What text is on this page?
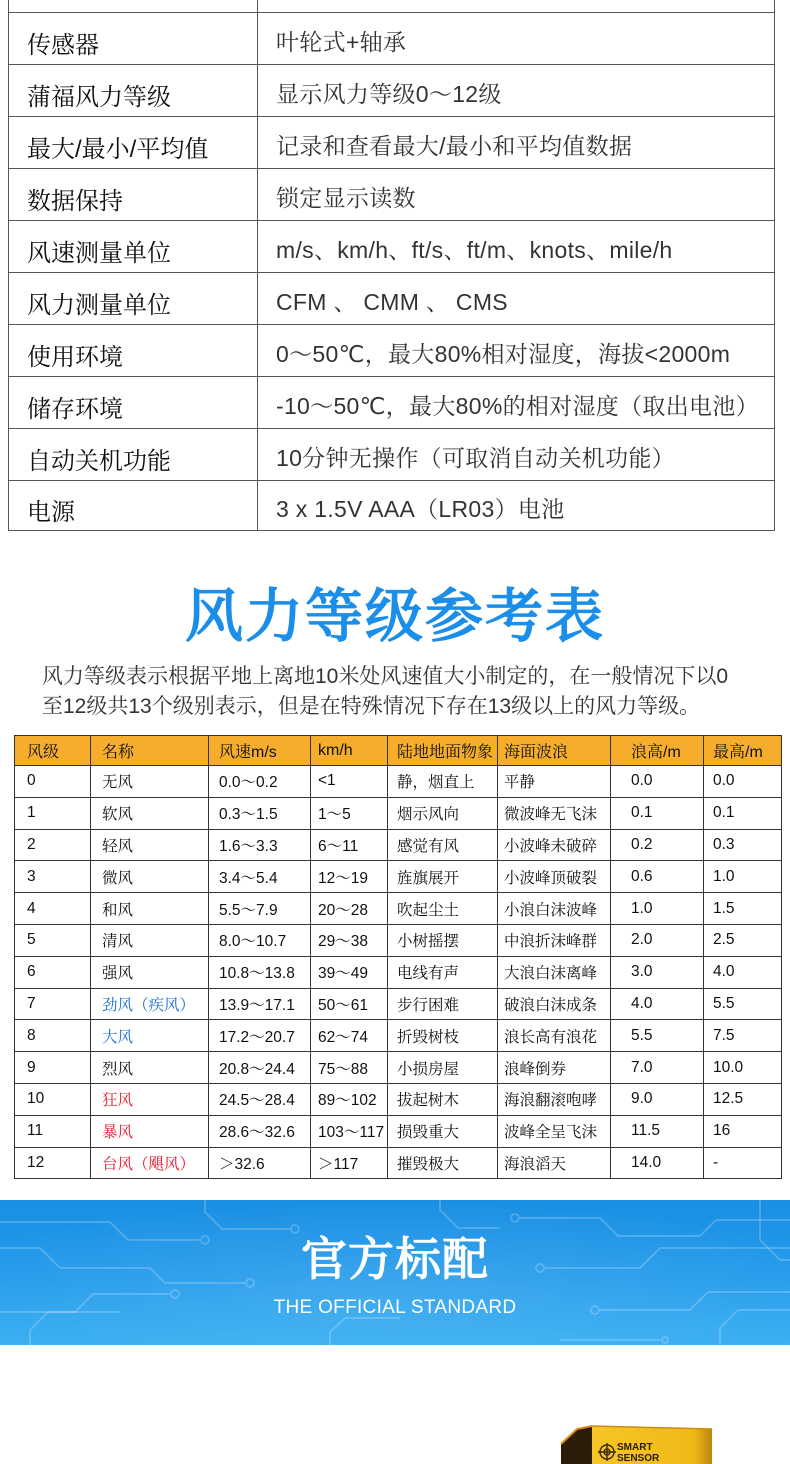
传感器	叶轮式+轴承
蒲福风力等级	显示风力等级0～12级
最大/最小/平均值	记录和查看最大/最小和平均值数据
数据保持	锁定显示读数
风速测量单位	m/s、km/h、ft/s、ft/m、knots、mile/h
风力测量单位	CFM 、 CMM 、 CMS
使用环境	0～50℃，最大80%相对湿度，海拔<2000m
储存环境	-10～50℃，最大80%的相对湿度（取出电池）
自动关机功能	10分钟无操作（可取消自动关机功能）
电源	3 x 1.5V AAA（LR03）电池
风力等级参考表
风力等级表示根据平地上离地10米处风速值大小制定的，在一般情况下以0
至12级共13个级别表示，但是在特殊情况下存在13级以上的风力等级。
风级	名称	风速m/s	km/h	陆地地面物象	海面波浪	浪高/m	最高/m
0	无风	0.0～0.2	<1	静，烟直上	平静	0.0	0.0
1	软风	0.3～1.5	1～5	烟示风向	微波峰无飞沫	0.1	0.1
2	轻风	1.6～3.3	6～11	感觉有风	小波峰未破碎	0.2	0.3
3	微风	3.4～5.4	12～19	旌旗展开	小波峰顶破裂	0.6	1.0
4	和风	5.5～7.9	20～28	吹起尘土	小浪白沫波峰	1.0	1.5
5	清风	8.0～10.7	29～38	小树摇摆	中浪折沫峰群	2.0	2.5
6	强风	10.8～13.8	39～49	电线有声	大浪白沫离峰	3.0	4.0
7	劲风（疾风）	13.9～17.1	50～61	步行困难	破浪白沫成条	4.0	5.5
8	大风	17.2～20.7	62～74	折毁树枝	浪长高有浪花	5.5	7.5
9	烈风	20.8～24.4	75～88	小损房屋	浪峰倒券	7.0	10.0
10	狂风	24.5～28.4	89～102	拔起树木	海浪翻滚咆哮	9.0	12.5
11	暴风	28.6～32.6	103～117	损毁重大	波峰全呈飞沫	11.5	16
12	台风（飓风）	＞32.6	＞117	摧毁极大	海浪滔天	14.0	-
官方标配
THE OFFICIAL STANDARD
SMART
SENSOR
